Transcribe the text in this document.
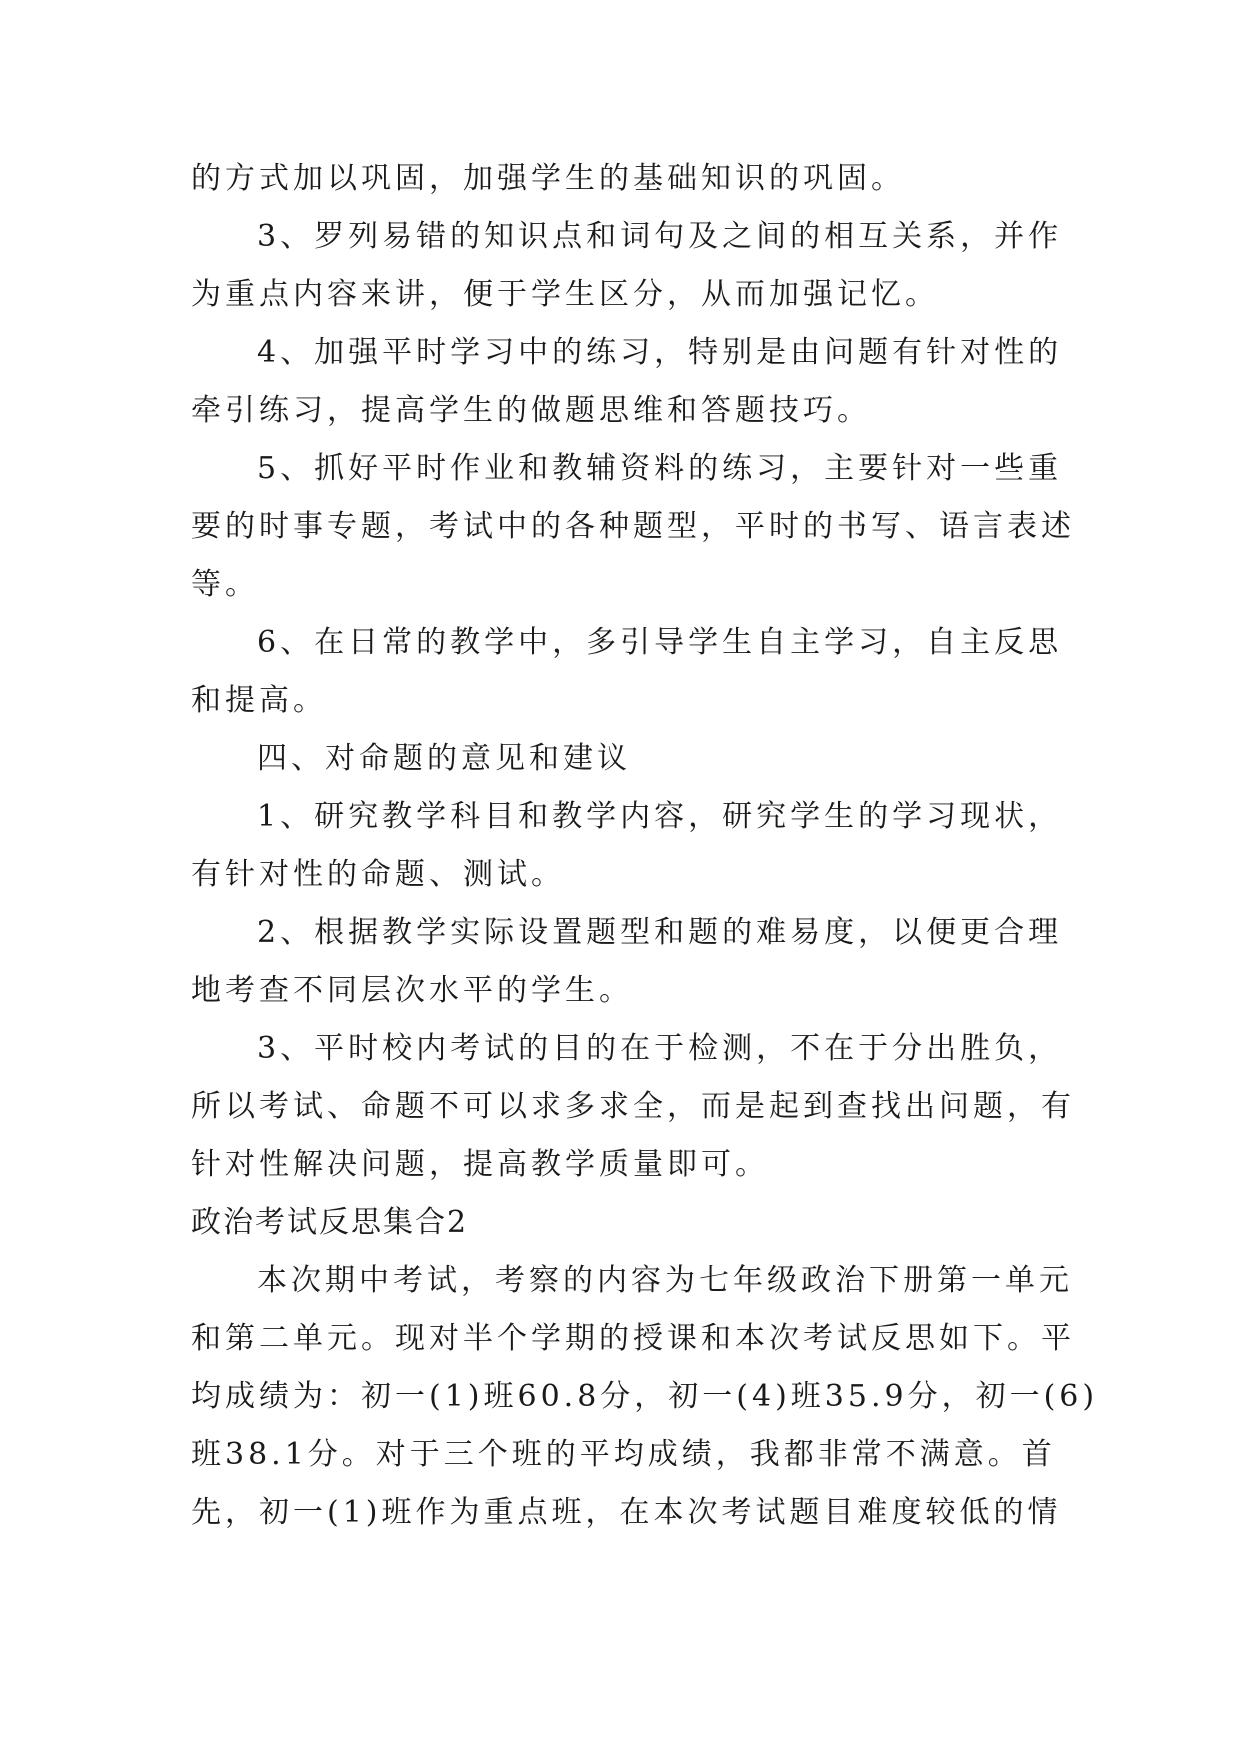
的方式加以巩固，加强学生的基础知识的巩固。
3、罗列易错的知识点和词句及之间的相互关系，并作
为重点内容来讲，便于学生区分，从而加强记忆。
4、加强平时学习中的练习，特别是由问题有针对性的
牵引练习，提高学生的做题思维和答题技巧。
5、抓好平时作业和教辅资料的练习，主要针对一些重
要的时事专题，考试中的各种题型，平时的书写、语言表述
等。
6、在日常的教学中，多引导学生自主学习，自主反思
和提高。
四、对命题的意见和建议
1、研究教学科目和教学内容，研究学生的学习现状，
有针对性的命题、测试。
2、根据教学实际设置题型和题的难易度，以便更合理
地考查不同层次水平的学生。
3、平时校内考试的目的在于检测，不在于分出胜负，
所以考试、命题不可以求多求全，而是起到查找出问题，有
针对性解决问题，提高教学质量即可。
政治考试反思集合2
本次期中考试，考察的内容为七年级政治下册第一单元
和第二单元。现对半个学期的授课和本次考试反思如下。平
均成绩为：初一(1)班60.8分，初一(4)班35.9分，初一(6)
班38.1分。对于三个班的平均成绩，我都非常不满意。首
先，初一(1)班作为重点班，在本次考试题目难度较低的情
